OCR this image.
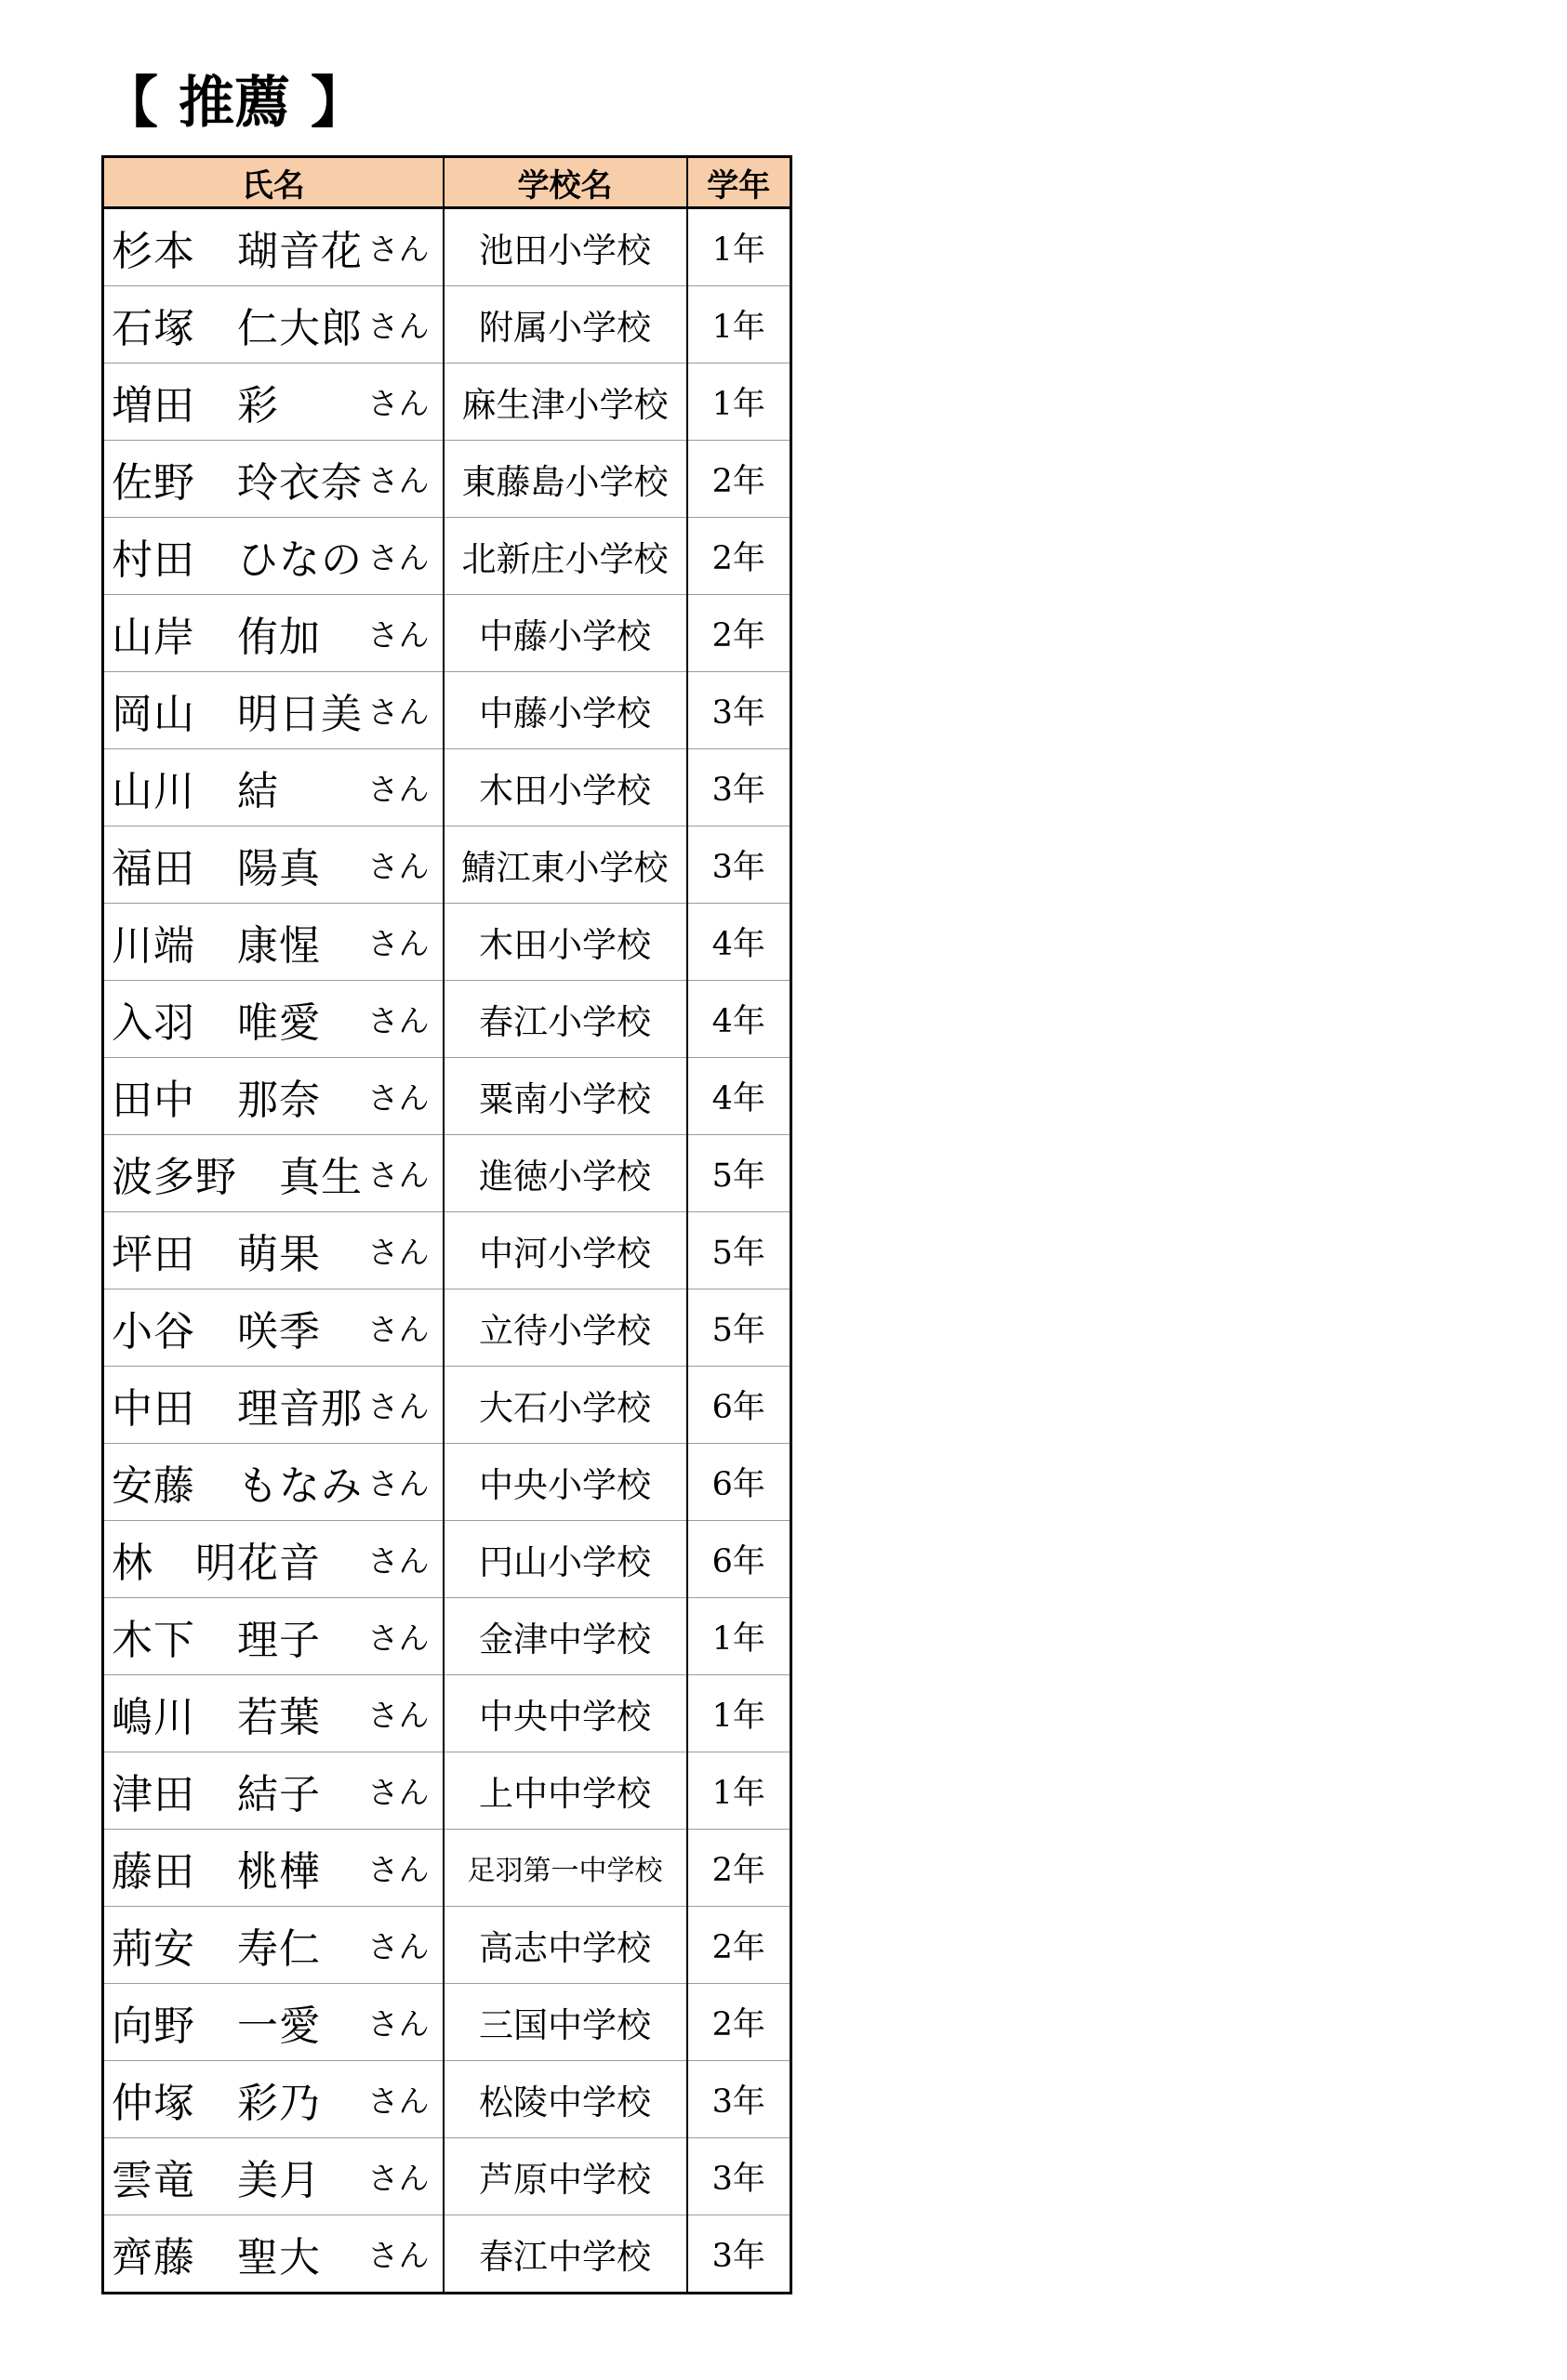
【 推薦 】
氏名	学校名	学年

杉本　瑚音花 さん	池田小学校	1年

石塚　仁大郎 さん	附属小学校	1年

増田　彩 さん	麻生津小学校	1年

佐野　玲衣奈 さん	東藤島小学校	2年

村田　ひなの さん	北新庄小学校	2年

山岸　侑加 さん	中藤小学校	2年

岡山　明日美 さん	中藤小学校	3年

山川　結 さん	木田小学校	3年

福田　陽真 さん	鯖江東小学校	3年

川端　康惺 さん	木田小学校	4年

入羽　唯愛 さん	春江小学校	4年

田中　那奈 さん	粟南小学校	4年

波多野　真生 さん	進徳小学校	5年

坪田　萌果 さん	中河小学校	5年

小谷　咲季 さん	立待小学校	5年

中田　理音那 さん	大石小学校	6年

安藤　もなみ さん	中央小学校	6年

林　明花音 さん	円山小学校	6年

木下　理子 さん	金津中学校	1年

嶋川　若葉 さん	中央中学校	1年

津田　結子 さん	上中中学校	1年

藤田　桃樺 さん	足羽第一中学校	2年

荊安　寿仁 さん	高志中学校	2年

向野　一愛 さん	三国中学校	2年

仲塚　彩乃 さん	松陵中学校	3年

雲竜　美月 さん	芦原中学校	3年

齊藤　聖大 さん	春江中学校	3年
